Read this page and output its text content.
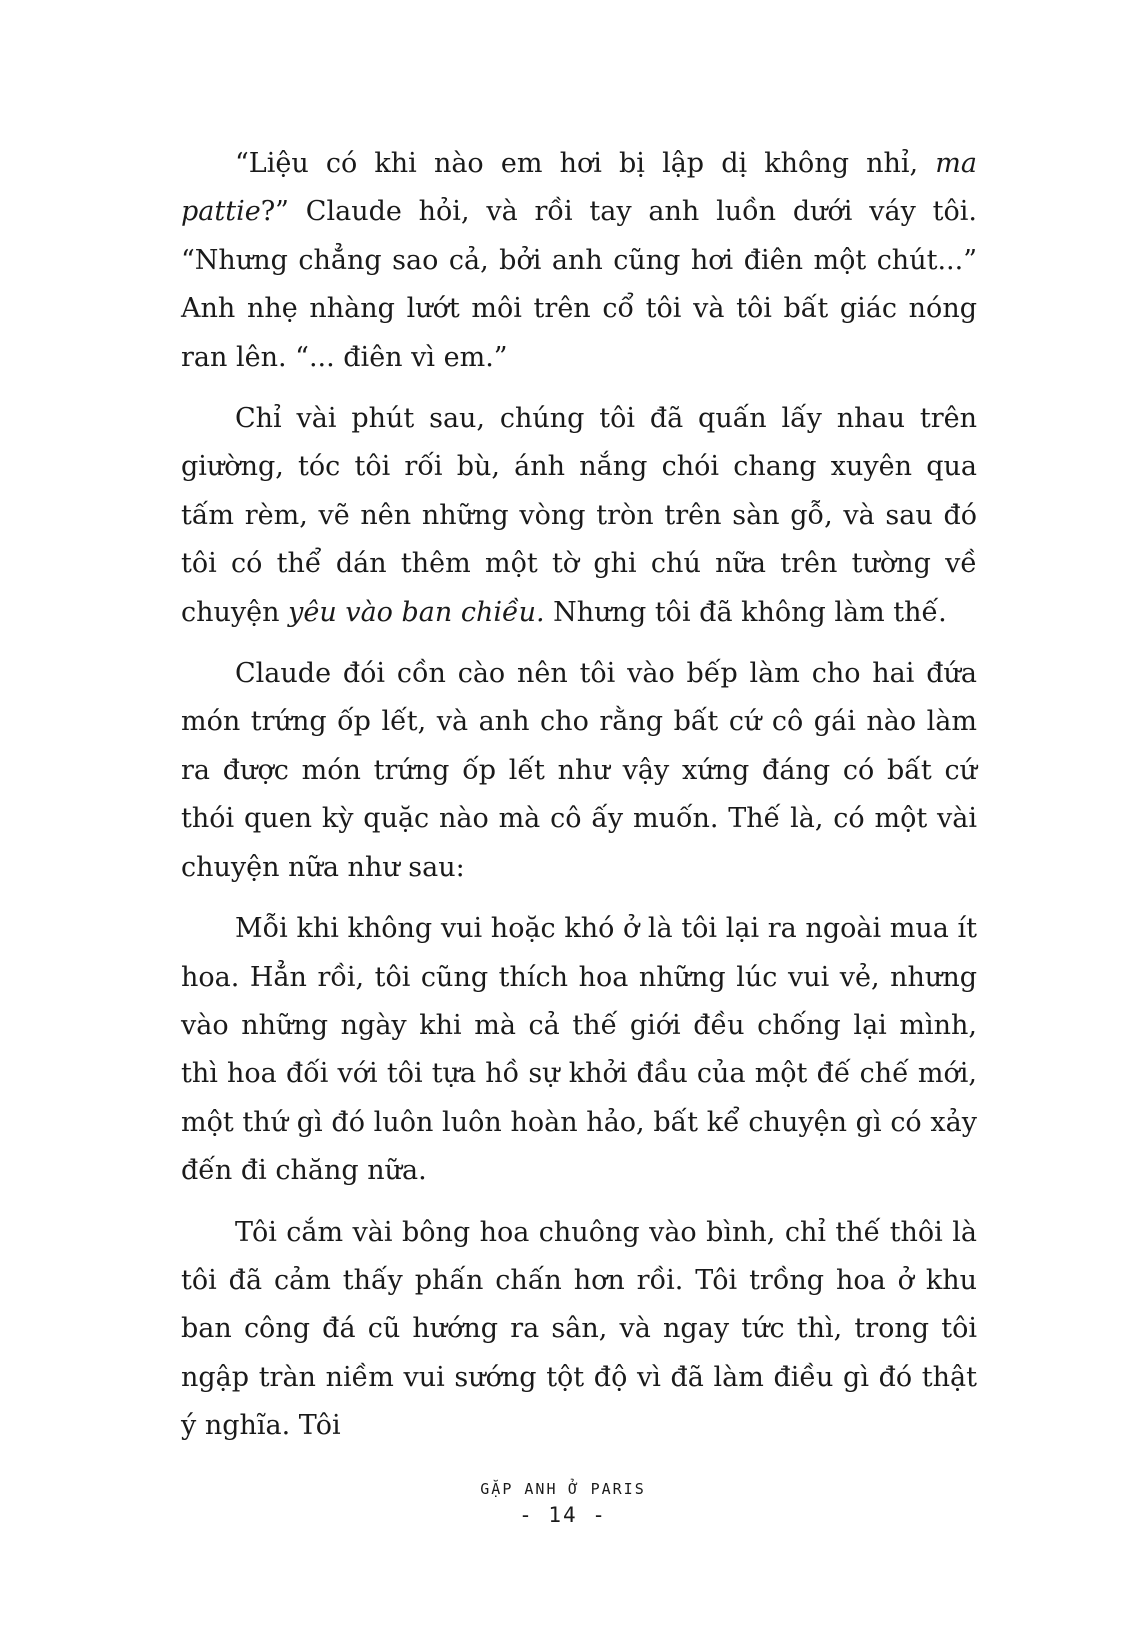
“Liệu có khi nào em hơi bị lập dị không nhỉ, ma pattie?” Claude hỏi, và rồi tay anh luồn dưới váy tôi. “Nhưng chẳng sao cả, bởi anh cũng hơi điên một chút...” Anh nhẹ nhàng lướt môi trên cổ tôi và tôi bất giác nóng ran lên. “... điên vì em.”

Chỉ vài phút sau, chúng tôi đã quấn lấy nhau trên giường, tóc tôi rối bù, ánh nắng chói chang xuyên qua tấm rèm, vẽ nên những vòng tròn trên sàn gỗ, và sau đó tôi có thể dán thêm một tờ ghi chú nữa trên tường về chuyện yêu vào ban chiều. Nhưng tôi đã không làm thế.

Claude đói cồn cào nên tôi vào bếp làm cho hai đứa món trứng ốp lết, và anh cho rằng bất cứ cô gái nào làm ra được món trứng ốp lết như vậy xứng đáng có bất cứ thói quen kỳ quặc nào mà cô ấy muốn. Thế là, có một vài chuyện nữa như sau:

Mỗi khi không vui hoặc khó ở là tôi lại ra ngoài mua ít hoa. Hẳn rồi, tôi cũng thích hoa những lúc vui vẻ, nhưng vào những ngày khi mà cả thế giới đều chống lại mình, thì hoa đối với tôi tựa hồ sự khởi đầu của một đế chế mới, một thứ gì đó luôn luôn hoàn hảo, bất kể chuyện gì có xảy đến đi chăng nữa.

Tôi cắm vài bông hoa chuông vào bình, chỉ thế thôi là tôi đã cảm thấy phấn chấn hơn rồi. Tôi trồng hoa ở khu ban công đá cũ hướng ra sân, và ngay tức thì, trong tôi ngập tràn niềm vui sướng tột độ vì đã làm điều gì đó thật ý nghĩa. Tôi

GẶP ANH Ở PARIS
- 14 -
